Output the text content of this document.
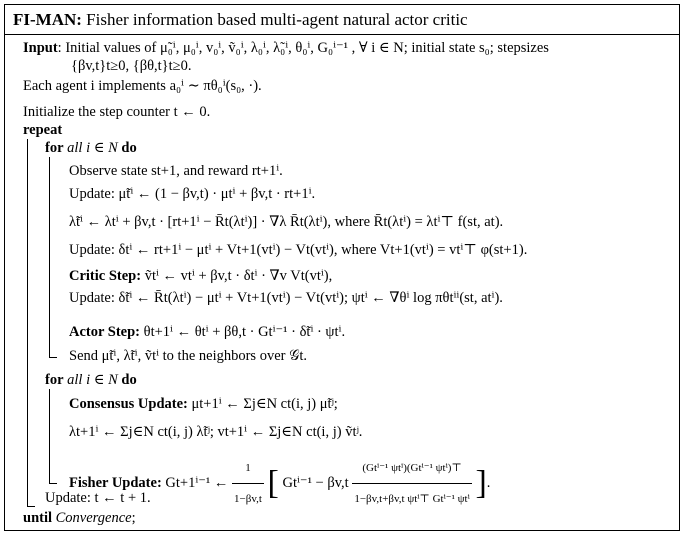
FI-MAN: Fisher information based multi-agent natural actor critic
Input: Initial values of μ̃₀ⁱ, μ₀ⁱ, v₀ⁱ, ṽ₀ⁱ, λ₀ⁱ, λ̃₀ⁱ, θ₀ⁱ, G₀ⁱ⁻¹ , ∀ i ∈ N; initial state s₀; stepsizes
{βv,t}t≥0, {βθ,t}t≥0.
Each agent i implements a₀ⁱ ∼ πθ₀ⁱ(s₀, ·).
Initialize the step counter t ← 0.
repeat
for all i ∈ N do
Observe state st+1, and reward rt+1ⁱ.
Update: μ̃tⁱ ← (1 − βv,t) · μtⁱ + βv,t · rt+1ⁱ.
λ̃tⁱ ← λtⁱ + βv,t · [rt+1ⁱ − R̄t(λtⁱ)] · ∇λ R̄t(λtⁱ), where R̄t(λtⁱ) = λtⁱ⊤ f(st, at).
Update: δtⁱ ← rt+1ⁱ − μtⁱ + Vt+1(vtⁱ) − Vt(vtⁱ), where Vt+1(vtⁱ) = vtⁱ⊤ φ(st+1).
Critic Step: ṽtⁱ ← vtⁱ + βv,t · δtⁱ · ∇v Vt(vtⁱ),
Update: δ̃tⁱ ← R̄t(λtⁱ) − μtⁱ + Vt+1(vtⁱ) − Vt(vtⁱ); ψtⁱ ← ∇θⁱ log πθtⁱⁱ(st, atⁱ).
Actor Step: θt+1ⁱ ← θtⁱ + βθ,t · Gtⁱ⁻¹ · δ̃tⁱ · ψtⁱ.
Send μ̃tⁱ, λ̃tⁱ, ṽtⁱ to the neighbors over 𝒢t.
for all i ∈ N do
Consensus Update: μt+1ⁱ ← Σj∈N ct(i, j) μ̃tʲ;
λt+1ⁱ ← Σj∈N ct(i, j) λ̃tʲ; vt+1ⁱ ← Σj∈N ct(i, j) ṽtʲ.
Fisher Update: Gt+1ⁱ⁻¹ ← $\frac{1}{1-\beta v,t}$ [ $Gt^{i-1} - \beta v,t \frac{\text{(Gtⁱ⁻¹ ψtⁱ)(Gtⁱ⁻¹ ψtⁱ)⊤}}{\text{1−βv,t+βv,t ψtⁱ⊤ Gtⁱ⁻¹ ψtⁱ}}$ ].
Update: t ← t + 1.
until Convergence;
